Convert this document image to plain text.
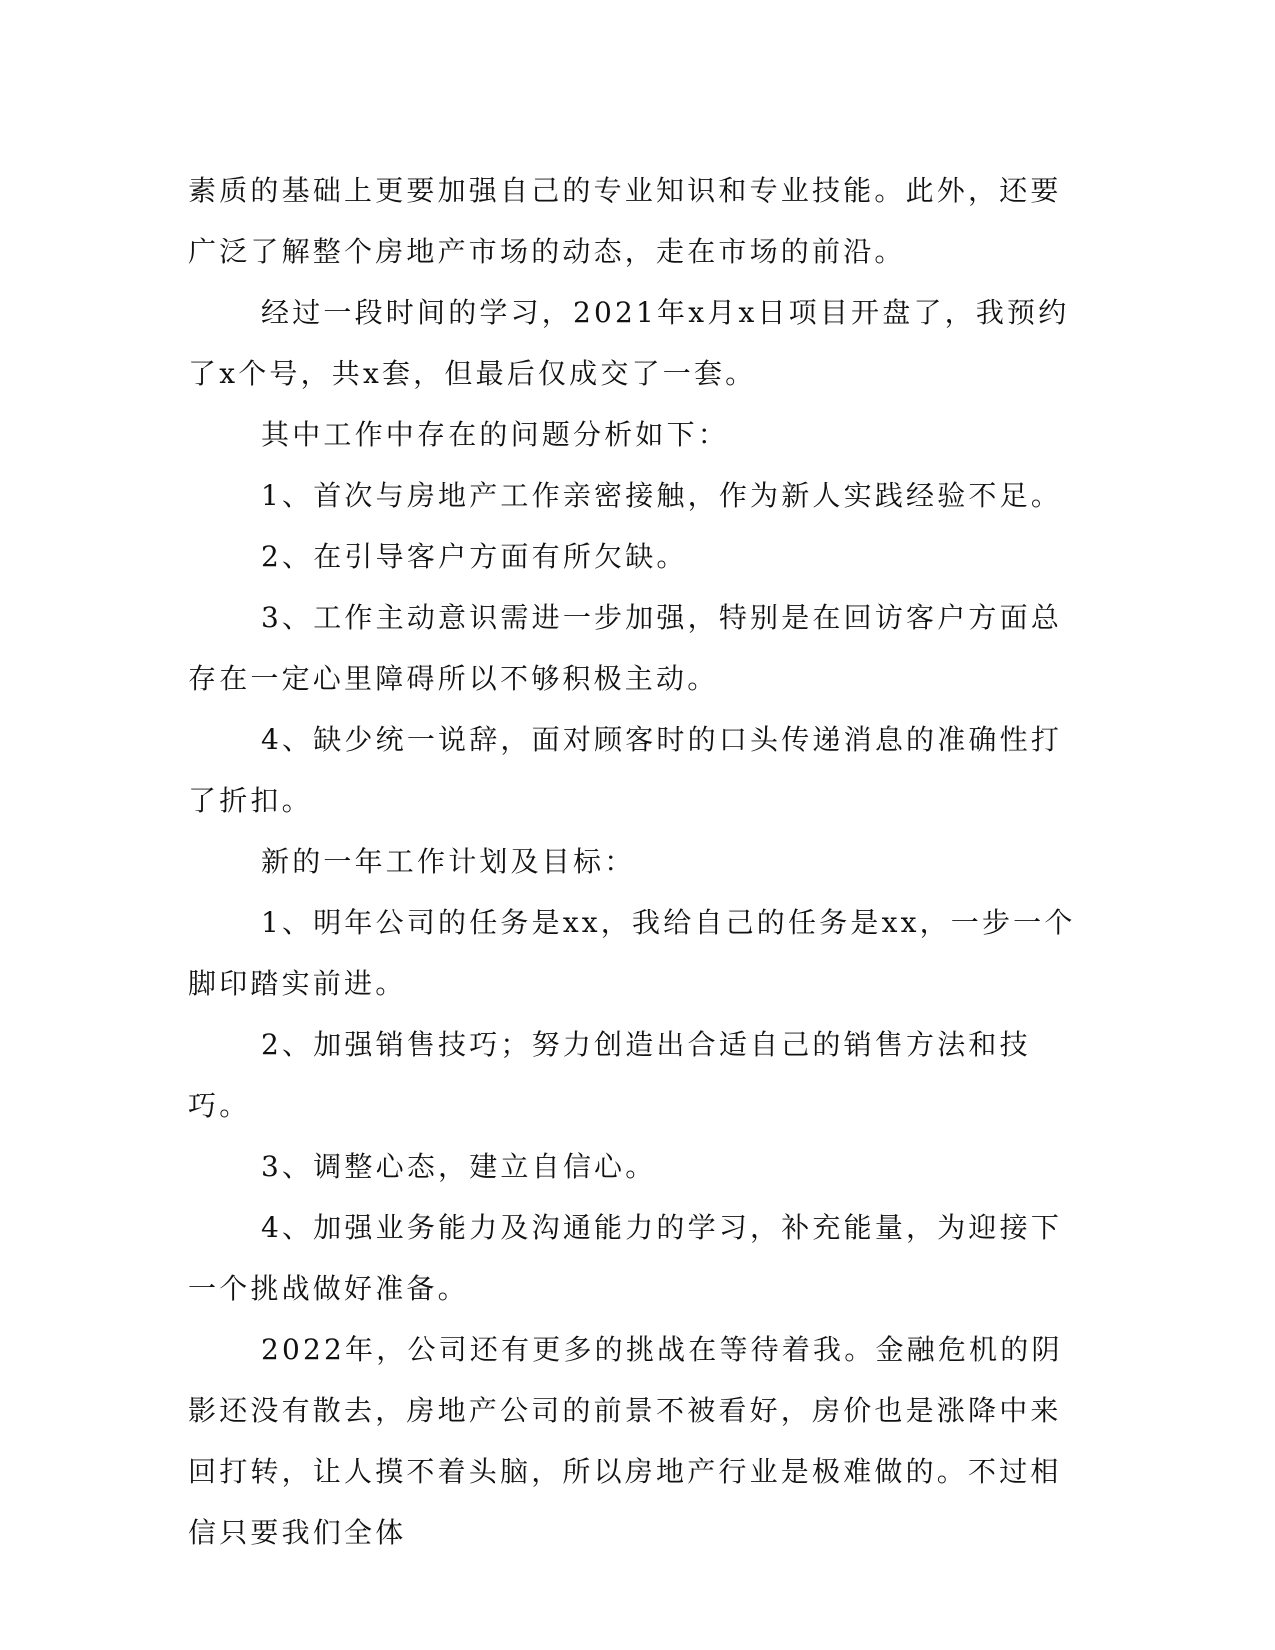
素质的基础上更要加强自己的专业知识和专业技能。此外，还要广泛了解整个房地产市场的动态，走在市场的前沿。

经过一段时间的学习，2021年x月x日项目开盘了，我预约了x个号，共x套，但最后仅成交了一套。

其中工作中存在的问题分析如下：

1、首次与房地产工作亲密接触，作为新人实践经验不足。

2、在引导客户方面有所欠缺。

3、工作主动意识需进一步加强，特别是在回访客户方面总存在一定心里障碍所以不够积极主动。

4、缺少统一说辞，面对顾客时的口头传递消息的准确性打了折扣。

新的一年工作计划及目标：

1、明年公司的任务是xx，我给自己的任务是xx，一步一个脚印踏实前进。

2、加强销售技巧；努力创造出合适自己的销售方法和技巧。

3、调整心态，建立自信心。

4、加强业务能力及沟通能力的学习，补充能量，为迎接下一个挑战做好准备。

2022年，公司还有更多的挑战在等待着我。金融危机的阴影还没有散去，房地产公司的前景不被看好，房价也是涨降中来回打转，让人摸不着头脑，所以房地产行业是极难做的。不过相信只要我们全体
